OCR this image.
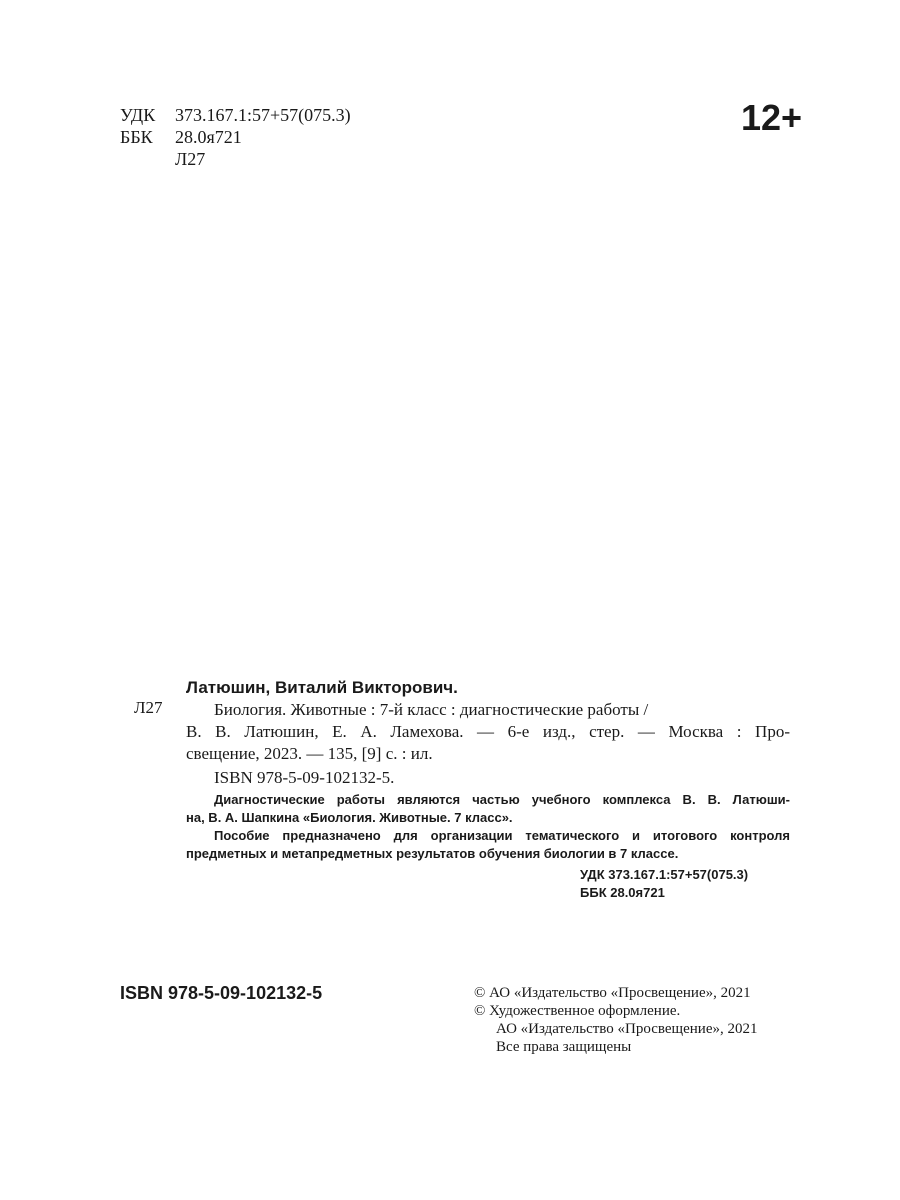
УДК 373.167.1:57+57(075.3)
ББК 28.0я721
Л27
12+
Латюшин, Виталий Викторович.
Л27	Биология. Животные : 7-й класс : диагностические работы /
В. В. Латюшин, Е. А. Ламехова. — 6-е изд., стер. — Москва : Про-
свещение, 2023. — 135, [9] с. : ил.
ISBN 978-5-09-102132-5.
Диагностические работы являются частью учебного комплекса В. В. Латюши-
на, В. А. Шапкина «Биология. Животные. 7 класс».
Пособие предназначено для организации тематического и итогового контроля
предметных и метапредметных результатов обучения биологии в 7 классе.
УДК 373.167.1:57+57(075.3)
ББК 28.0я721
ISBN 978-5-09-102132-5	© АО «Издательство «Просвещение», 2021
© Художественное оформление.
АО «Издательство «Просвещение», 2021
Все права защищены
